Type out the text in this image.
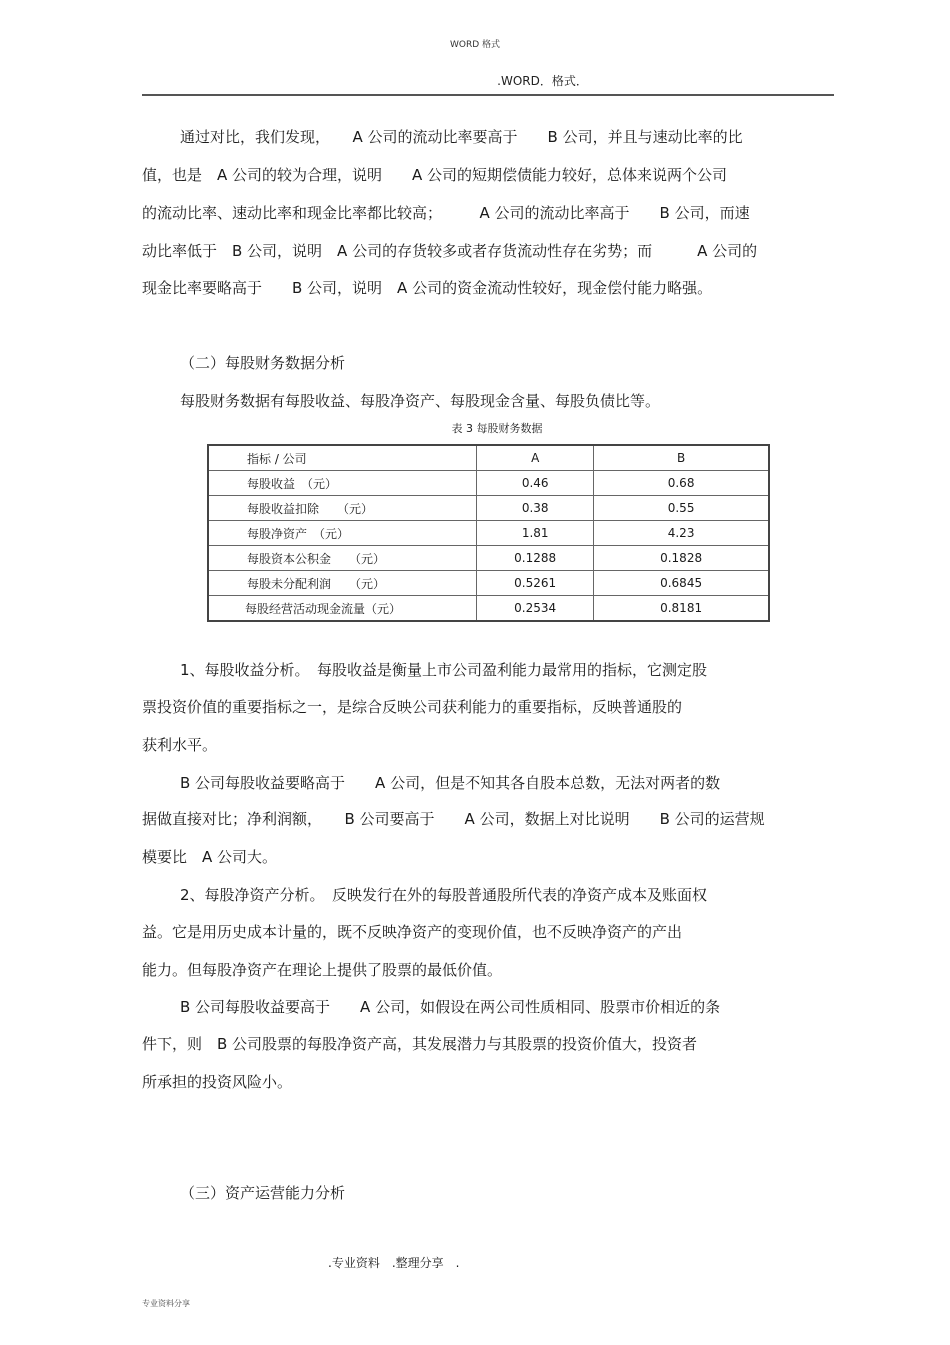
WORD 格式
.WORD．格式．
通过对比，我们发现，　　A 公司的流动比率要高于　　B 公司，并且与速动比率的比
值，也是　A 公司的较为合理，说明　　A 公司的短期偿债能力较好，总体来说两个公司
的流动比率、速动比率和现金比率都比较高；　　　A 公司的流动比率高于　　B 公司，而速
动比率低于　B 公司，说明　A 公司的存货较多或者存货流动性存在劣势；而　　　A 公司的
现金比率要略高于　　B 公司，说明　A 公司的资金流动性较好，现金偿付能力略强。
（二）每股财务数据分析
每股财务数据有每股收益、每股净资产、每股现金含量、每股负债比等。
表 3 每股财务数据
指标 / 公司	A	B
每股收益　（元）	0.46	0.68
每股收益扣除　　（元）	0.38	0.55
每股净资产　（元）	1.81	4.23
每股资本公积金　　（元）	0.1288	0.1828
每股未分配利润　　（元）	0.5261	0.6845
每股经营活动现金流量（元）	0.2534	0.8181
1、每股收益分析。　每股收益是衡量上市公司盈利能力最常用的指标，它测定股
票投资价值的重要指标之一，是综合反映公司获利能力的重要指标，反映普通股的
获利水平。
B 公司每股收益要略高于　　A 公司，但是不知其各自股本总数，无法对两者的数
据做直接对比；净利润额，　　B 公司要高于　　A 公司，数据上对比说明　　B 公司的运营规
模要比　A 公司大。
2、每股净资产分析。　反映发行在外的每股普通股所代表的净资产成本及账面权
益。它是用历史成本计量的，既不反映净资产的变现价值，也不反映净资产的产出
能力。但每股净资产在理论上提供了股票的最低价值。
B 公司每股收益要高于　　A 公司，如假设在两公司性质相同、股票市价相近的条
件下，则　B 公司股票的每股净资产高，其发展潜力与其股票的投资价值大，投资者
所承担的投资风险小。
（三）资产运营能力分析
.专业资料　.整理分享　.
专业资料分享
